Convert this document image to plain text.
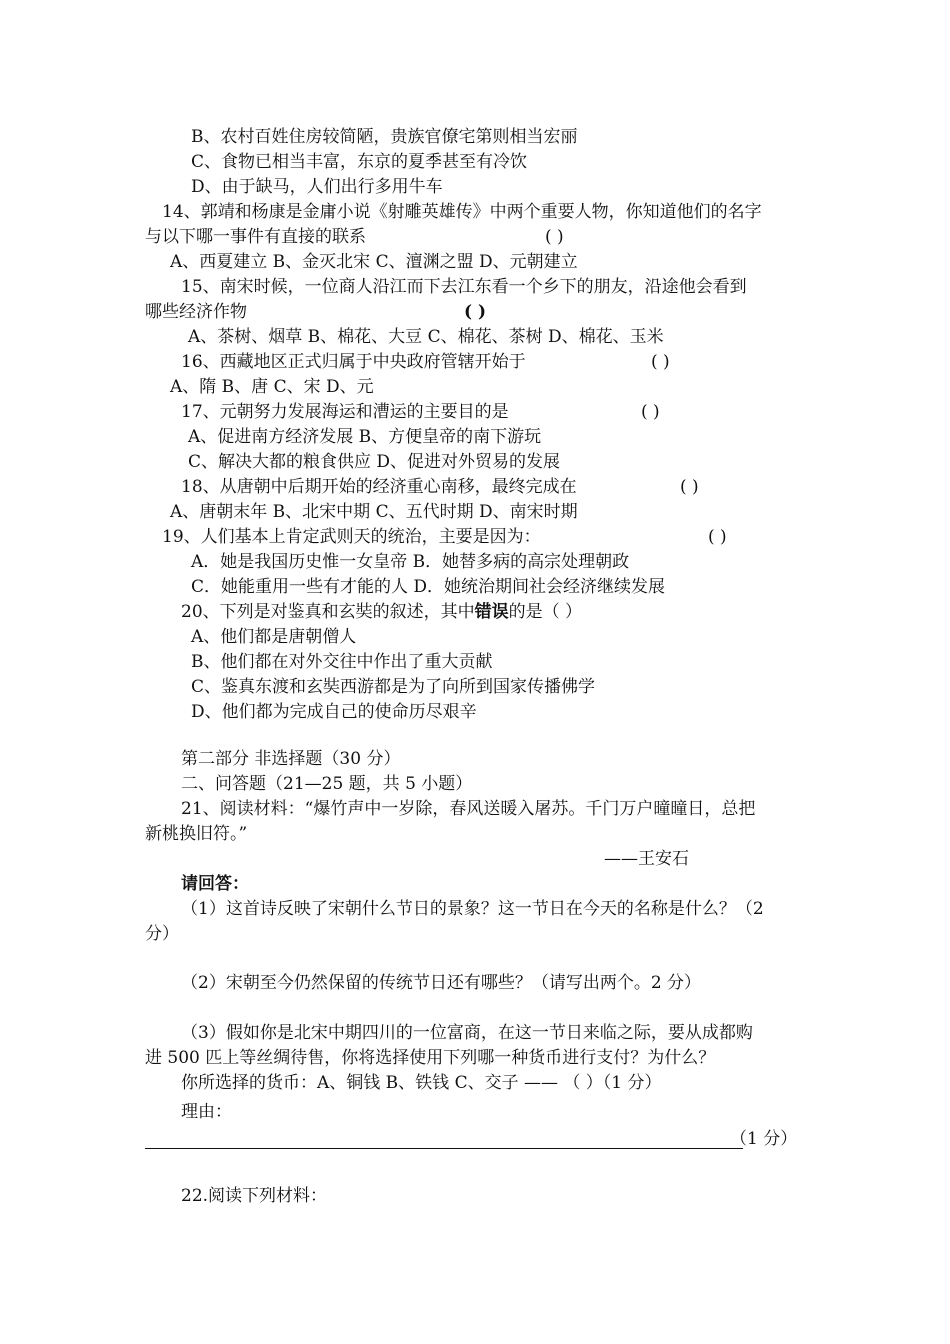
B、农村百姓住房较简陋，贵族官僚宅第则相当宏丽
C、食物已相当丰富，东京的夏季甚至有冷饮
D、由于缺马，人们出行多用牛车
14、郭靖和杨康是金庸小说《射雕英雄传》中两个重要人物，你知道他们的名字
与以下哪一事件有直接的联系	( )
A、西夏建立 B、金灭北宋 C、澶渊之盟 D、元朝建立
15、南宋时候，一位商人沿江而下去江东看一个乡下的朋友，沿途他会看到
哪些经济作物	( )
A、茶树、烟草 B、棉花、大豆 C、棉花、茶树 D、棉花、玉米
16、西藏地区正式归属于中央政府管辖开始于	( )
A、隋 B、唐 C、宋 D、元
17、元朝努力发展海运和漕运的主要目的是	( )
A、促进南方经济发展 B、方便皇帝的南下游玩
C、解决大都的粮食供应 D、促进对外贸易的发展
18、从唐朝中后期开始的经济重心南移，最终完成在	( )
A、唐朝末年 B、北宋中期 C、五代时期 D、南宋时期
19、人们基本上肯定武则天的统治，主要是因为：	( )
A．她是我国历史惟一女皇帝 B．她替多病的高宗处理朝政
C．她能重用一些有才能的人 D．她统治期间社会经济继续发展
20、下列是对鉴真和玄奘的叙述，其中错误的是（ ）
A、他们都是唐朝僧人
B、他们都在对外交往中作出了重大贡献
C、鉴真东渡和玄奘西游都是为了向所到国家传播佛学
D、他们都为完成自己的使命历尽艰辛
第二部分 非选择题（30 分）
二、问答题（21—25 题，共 5 小题）
21、阅读材料：“爆竹声中一岁除，春风送暖入屠苏。千门万户曈曈日，总把
新桃换旧符。”
——王安石
请回答：
（1）这首诗反映了宋朝什么节日的景象？这一节日在今天的名称是什么？（2
分）
（2）宋朝至今仍然保留的传统节日还有哪些？（请写出两个。2 分）
（3）假如你是北宋中期四川的一位富商，在这一节日来临之际，要从成都购
进 500 匹上等丝绸待售，你将选择使用下列哪一种货币进行支付？为什么？
你所选择的货币：A、铜钱 B、铁钱 C、交子 —— （ ）（1 分）
理由：
（1 分）
22.阅读下列材料：
